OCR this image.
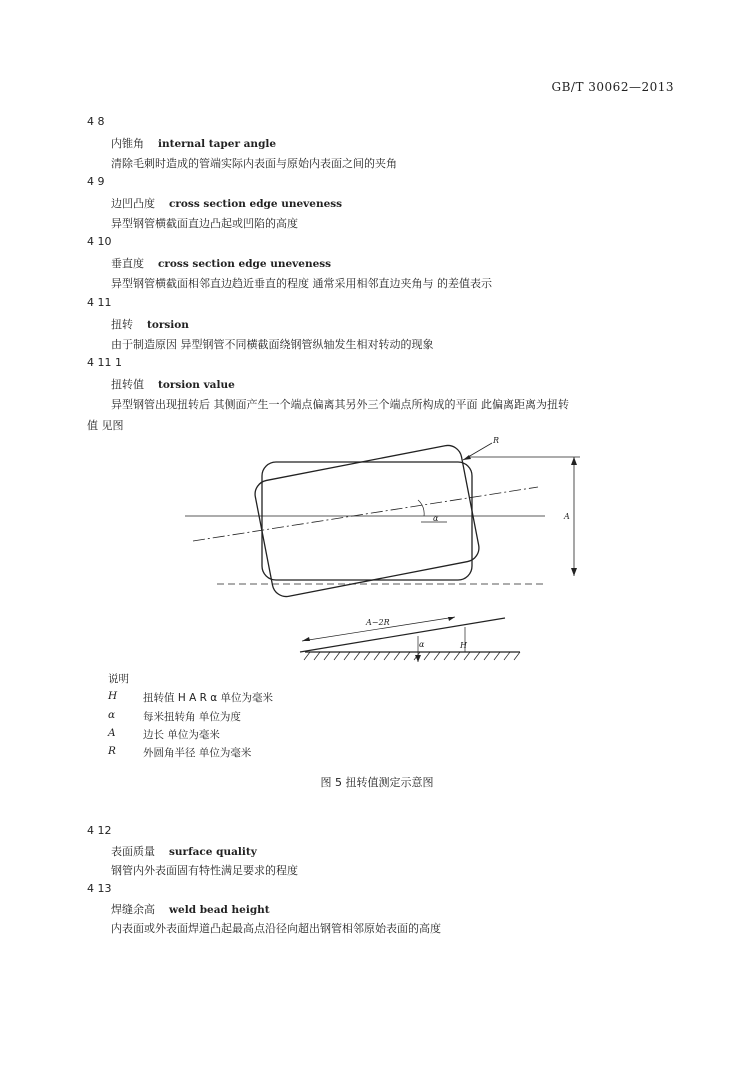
GB/T 30062—2013
4 8
内锥角 internal taper angle
清除毛刺时造成的管端实际内表面与原始内表面之间的夹角
4 9
边凹凸度 cross section edge uneveness
异型钢管横截面直边凸起或凹陷的高度
4 10
垂直度 cross section edge uneveness
异型钢管横截面相邻直边趋近垂直的程度 通常采用相邻直边夹角与 的差值表示
4 11
扭转 torsion
由于制造原因 异型钢管不同横截面绕钢管纵轴发生相对转动的现象
4 11 1
扭转值 torsion value
异型钢管出现扭转后 其侧面产生一个端点偏离其另外三个端点所构成的平面 此偏离距离为扭转
值 见图
R
α	A
A−2R
α	H
说明
H 扭转值 H A R α 单位为毫米
α	每米扭转角 单位为度
A	边长 单位为毫米
R	外圆角半径 单位为毫米
图 5 扭转值测定示意图
4 12
表面质量 surface quality
钢管内外表面固有特性满足要求的程度
4 13
焊缝余高 weld bead height
内表面或外表面焊道凸起最高点沿径向超出钢管相邻原始表面的高度
